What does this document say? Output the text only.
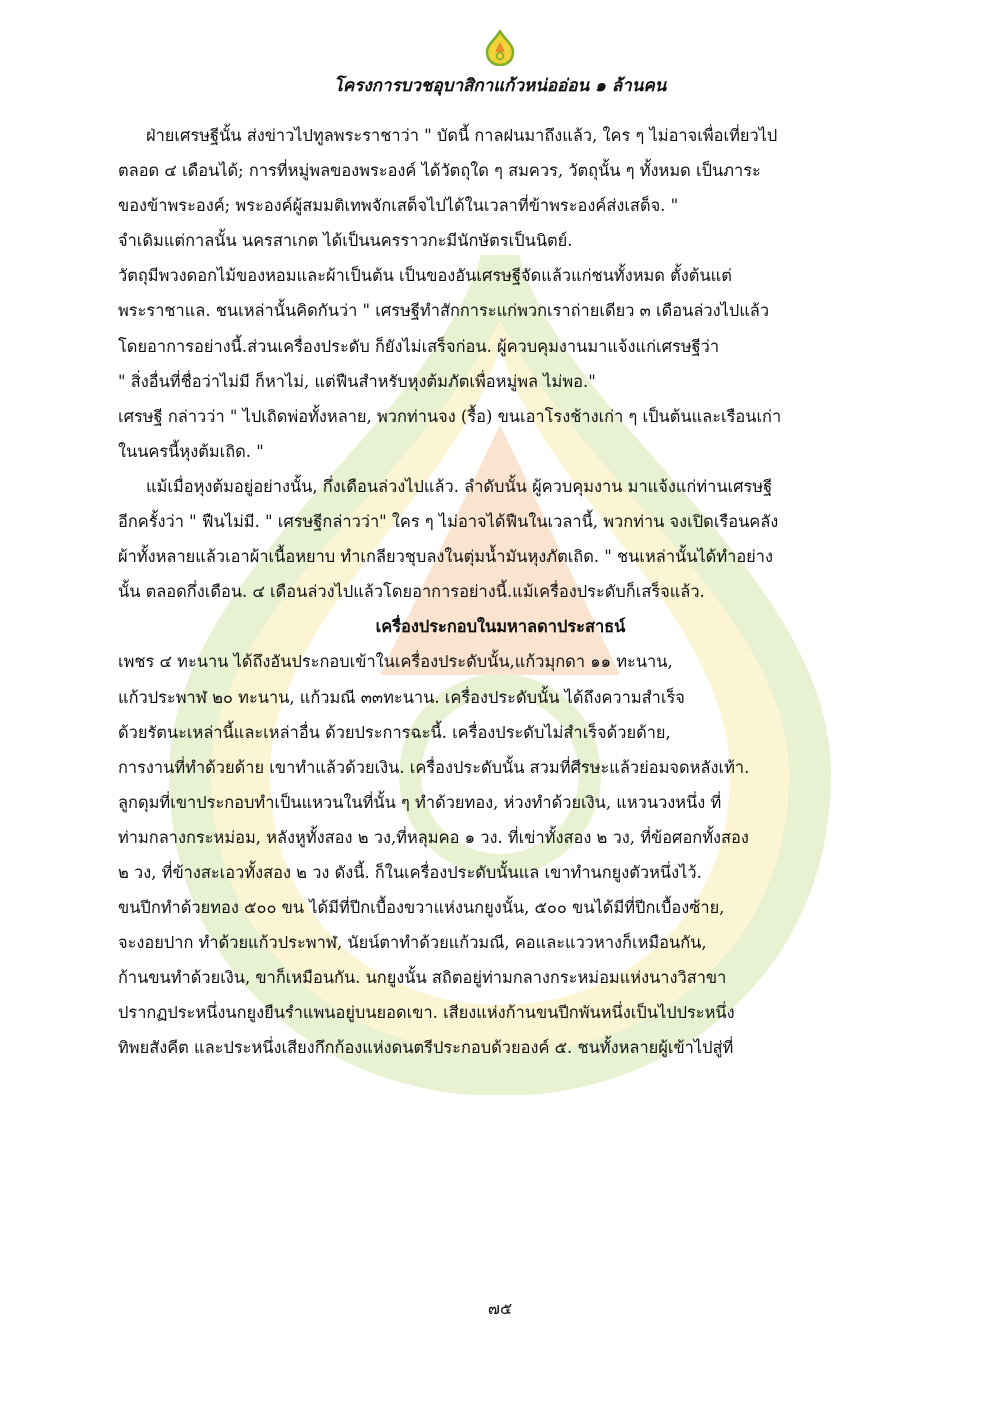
โครงการบวชอุบาสิกาแก้วหน่ออ่อน ๑ ล้านคน
ฝ่ายเศรษฐีนั้น ส่งข่าวไปทูลพระราชาว่า " บัดนี้ กาลฝนมาถึงแล้ว, ใคร ๆ ไม่อาจเพื่อเที่ยวไป
ตลอด ๔ เดือนได้; การที่หมู่พลของพระองค์ ได้วัตถุใด ๆ สมควร, วัตถุนั้น ๆ ทั้งหมด เป็นภาระ
ของข้าพระองค์; พระองค์ผู้สมมติเทพจักเสด็จไปได้ในเวลาที่ข้าพระองค์ส่งเสด็จ. "
จำเดิมแต่กาลนั้น นครสาเกต ได้เป็นนครราวกะมีนักษัตรเป็นนิตย์.
วัตถุมีพวงดอกไม้ของหอมและผ้าเป็นต้น เป็นของอันเศรษฐีจัดแล้วแก่ชนทั้งหมด ตั้งต้นแต่
พระราชาแล. ชนเหล่านั้นคิดกันว่า " เศรษฐีทำสักการะแก่พวกเราถ่ายเดียว ๓ เดือนล่วงไปแล้ว
โดยอาการอย่างนี้.ส่วนเครื่องประดับ ก็ยังไม่เสร็จก่อน. ผู้ควบคุมงานมาแจ้งแก่เศรษฐีว่า
" สิ่งอื่นที่ชื่อว่าไม่มี ก็หาไม่, แต่ฟืนสำหรับหุงต้มภัตเพื่อหมู่พล ไม่พอ."
เศรษฐี กล่าวว่า " ไปเถิดพ่อทั้งหลาย, พวกท่านจง (รื้อ) ขนเอาโรงช้างเก่า ๆ เป็นต้นและเรือนเก่า
ในนครนี้หุงต้มเถิด. "
แม้เมื่อหุงต้มอยู่อย่างนั้น, กึ่งเดือนล่วงไปแล้ว. ลำดับนั้น ผู้ควบคุมงาน มาแจ้งแก่ท่านเศรษฐี
อีกครั้งว่า " ฟืนไม่มี. " เศรษฐีกล่าวว่า" ใคร ๆ ไม่อาจได้ฟืนในเวลานี้, พวกท่าน จงเปิดเรือนคลัง
ผ้าทั้งหลายแล้วเอาผ้าเนื้อหยาบ ทำเกลียวชุบลงในตุ่มน้ำมันหุงภัตเถิด. " ชนเหล่านั้นได้ทำอย่าง
นั้น ตลอดกึ่งเดือน. ๔ เดือนล่วงไปแล้วโดยอาการอย่างนี้.แม้เครื่องประดับก็เสร็จแล้ว.
เครื่องประกอบในมหาลดาประสาธน์
เพชร ๔ ทะนาน ได้ถึงอันประกอบเข้าในเครื่องประดับนั้น,แก้วมุกดา ๑๑ ทะนาน,
แก้วประพาฬ ๒๐ ทะนาน, แก้วมณี ๓๓ทะนาน. เครื่องประดับนั้น ได้ถึงความสำเร็จ
ด้วยรัตนะเหล่านี้และเหล่าอื่น ด้วยประการฉะนี้. เครื่องประดับไม่สำเร็จด้วยด้าย,
การงานที่ทำด้วยด้าย เขาทำแล้วด้วยเงิน. เครื่องประดับนั้น สวมที่ศีรษะแล้วย่อมจดหลังเท้า.
ลูกดุมที่เขาประกอบทำเป็นแหวนในที่นั้น ๆ ทำด้วยทอง, ห่วงทำด้วยเงิน, แหวนวงหนึ่ง ที่
ท่ามกลางกระหม่อม, หลังหูทั้งสอง ๒ วง,ที่หลุมคอ ๑ วง. ที่เข่าทั้งสอง ๒ วง, ที่ข้อศอกทั้งสอง
๒ วง, ที่ข้างสะเอวทั้งสอง ๒ วง ดังนี้. ก็ในเครื่องประดับนั้นแล เขาทำนกยูงตัวหนึ่งไว้.
ขนปีกทำด้วยทอง ๕๐๐ ขน ได้มีที่ปีกเบื้องขวาแห่งนกยูงนั้น, ๕๐๐ ขนได้มีที่ปีกเบื้องซ้าย,
จะงอยปาก ทำด้วยแก้วประพาฬ, นัยน์ตาทำด้วยแก้วมณี, คอและแววหางก็เหมือนกัน,
ก้านขนทำด้วยเงิน, ขาก็เหมือนกัน. นกยูงนั้น สถิตอยู่ท่ามกลางกระหม่อมแห่งนางวิสาขา
ปรากฏประหนึ่งนกยูงยืนรำแพนอยู่บนยอดเขา. เสียงแห่งก้านขนปีกพันหนึ่งเป็นไปประหนึ่ง
ทิพยสังคีต และประหนึ่งเสียงกึกก้องแห่งดนตรีประกอบด้วยองค์ ๕. ชนทั้งหลายผู้เข้าไปสู่ที่
๗๕
